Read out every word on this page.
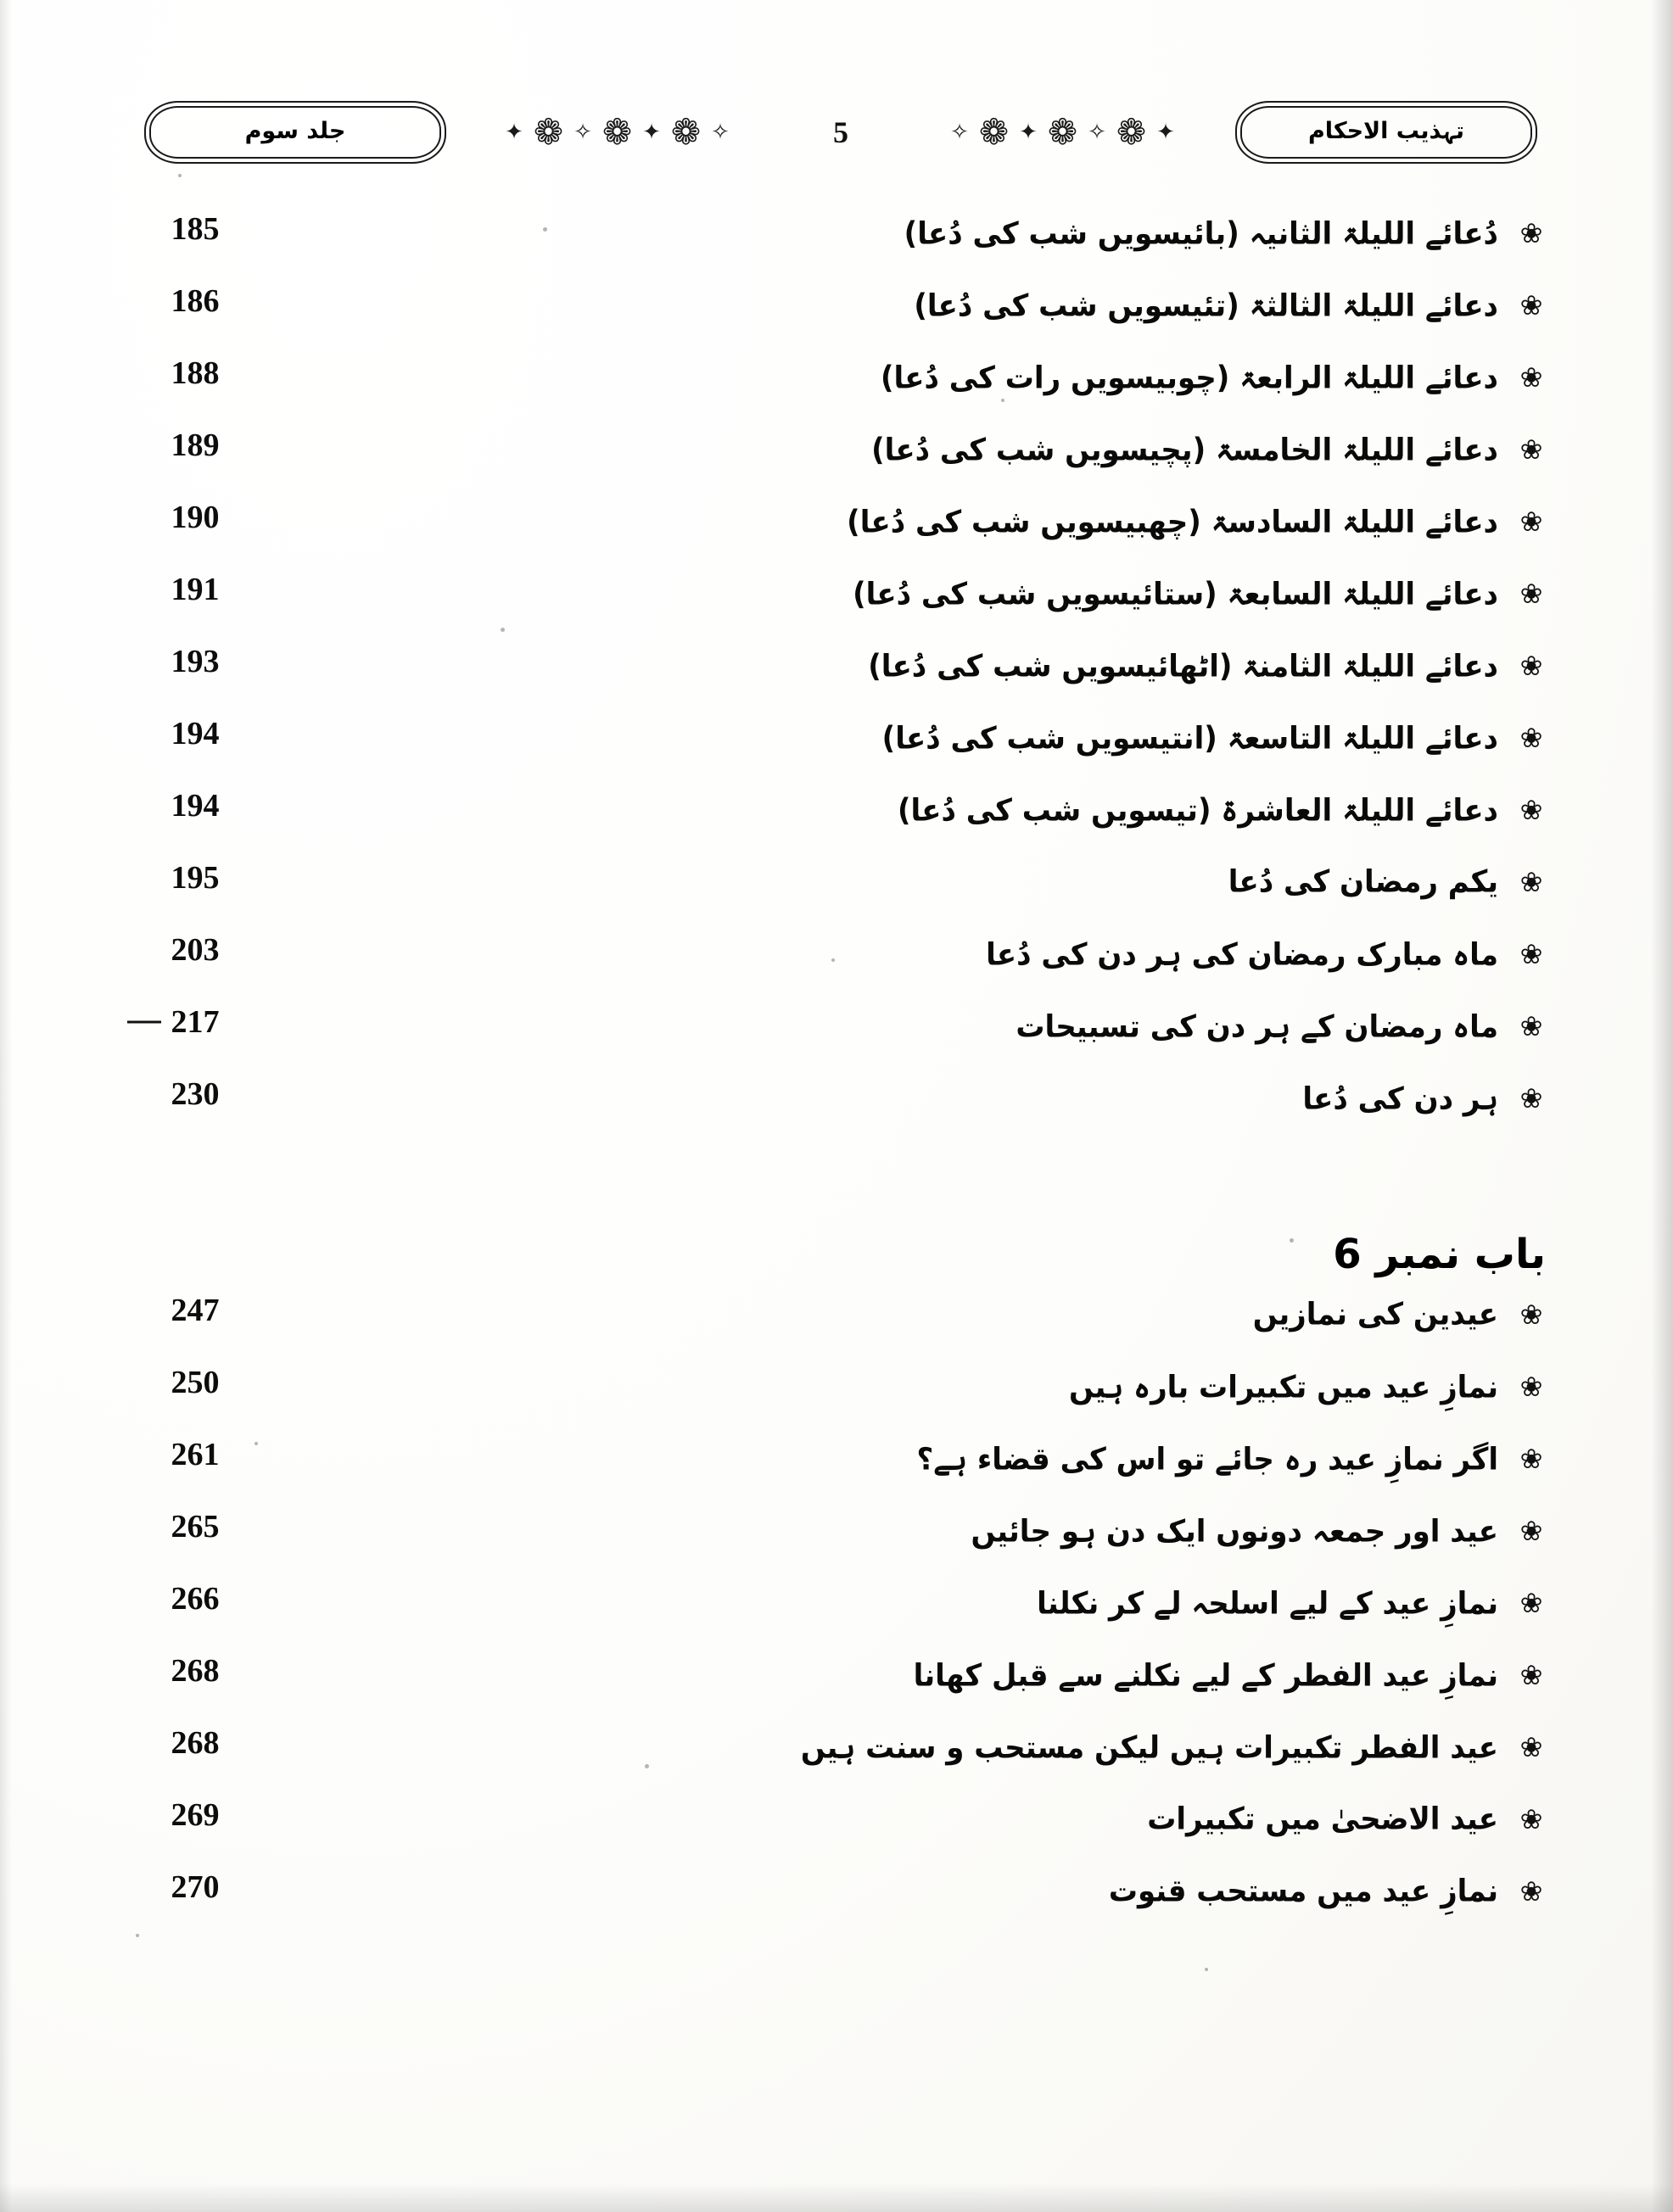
تہذیب الاحکام
✦
❁
✧
❁
✦
❁
✧
5
✧
❁
✦
❁
✧
❁
✦
جلد سوم
❀
دُعائے اللیلۃ الثانیہ (بائیسویں شب کی دُعا)
185
❀
دعائے اللیلۃ الثالثۃ (تئیسویں شب کی دُعا)
186
❀
دعائے اللیلۃ الرابعۃ (چوبیسویں رات کی دُعا)
188
❀
دعائے اللیلۃ الخامسۃ (پچیسویں شب کی دُعا)
189
❀
دعائے اللیلۃ السادسۃ (چھبیسویں شب کی دُعا)
190
❀
دعائے اللیلۃ السابعۃ (ستائیسویں شب کی دُعا)
191
❀
دعائے اللیلۃ الثامنۃ (اٹھائیسویں شب کی دُعا)
193
❀
دعائے اللیلۃ التاسعۃ (انتیسویں شب کی دُعا)
194
❀
دعائے اللیلۃ العاشرۃ (تیسویں شب کی دُعا)
194
❀
یکم رمضان کی دُعا
195
❀
ماہ مبارک رمضان کی ہر دن کی دُعا
203
❀
ماہ رمضان کے ہر دن کی تسبیحات
217
❀
ہر دن کی دُعا
230
باب نمبر 6
❀
عیدین کی نمازیں
247
❀
نمازِ عید میں تکبیرات بارہ ہیں
250
❀
اگر نمازِ عید رہ جائے تو اس کی قضاء ہے؟
261
❀
عید اور جمعہ دونوں ایک دن ہو جائیں
265
❀
نمازِ عید کے لیے اسلحہ لے کر نکلنا
266
❀
نمازِ عید الفطر کے لیے نکلنے سے قبل کھانا
268
❀
عید الفطر تکبیرات ہیں لیکن مستحب و سنت ہیں
268
❀
عید الاضحیٰ میں تکبیرات
269
❀
نمازِ عید میں مستحب قنوت
270
